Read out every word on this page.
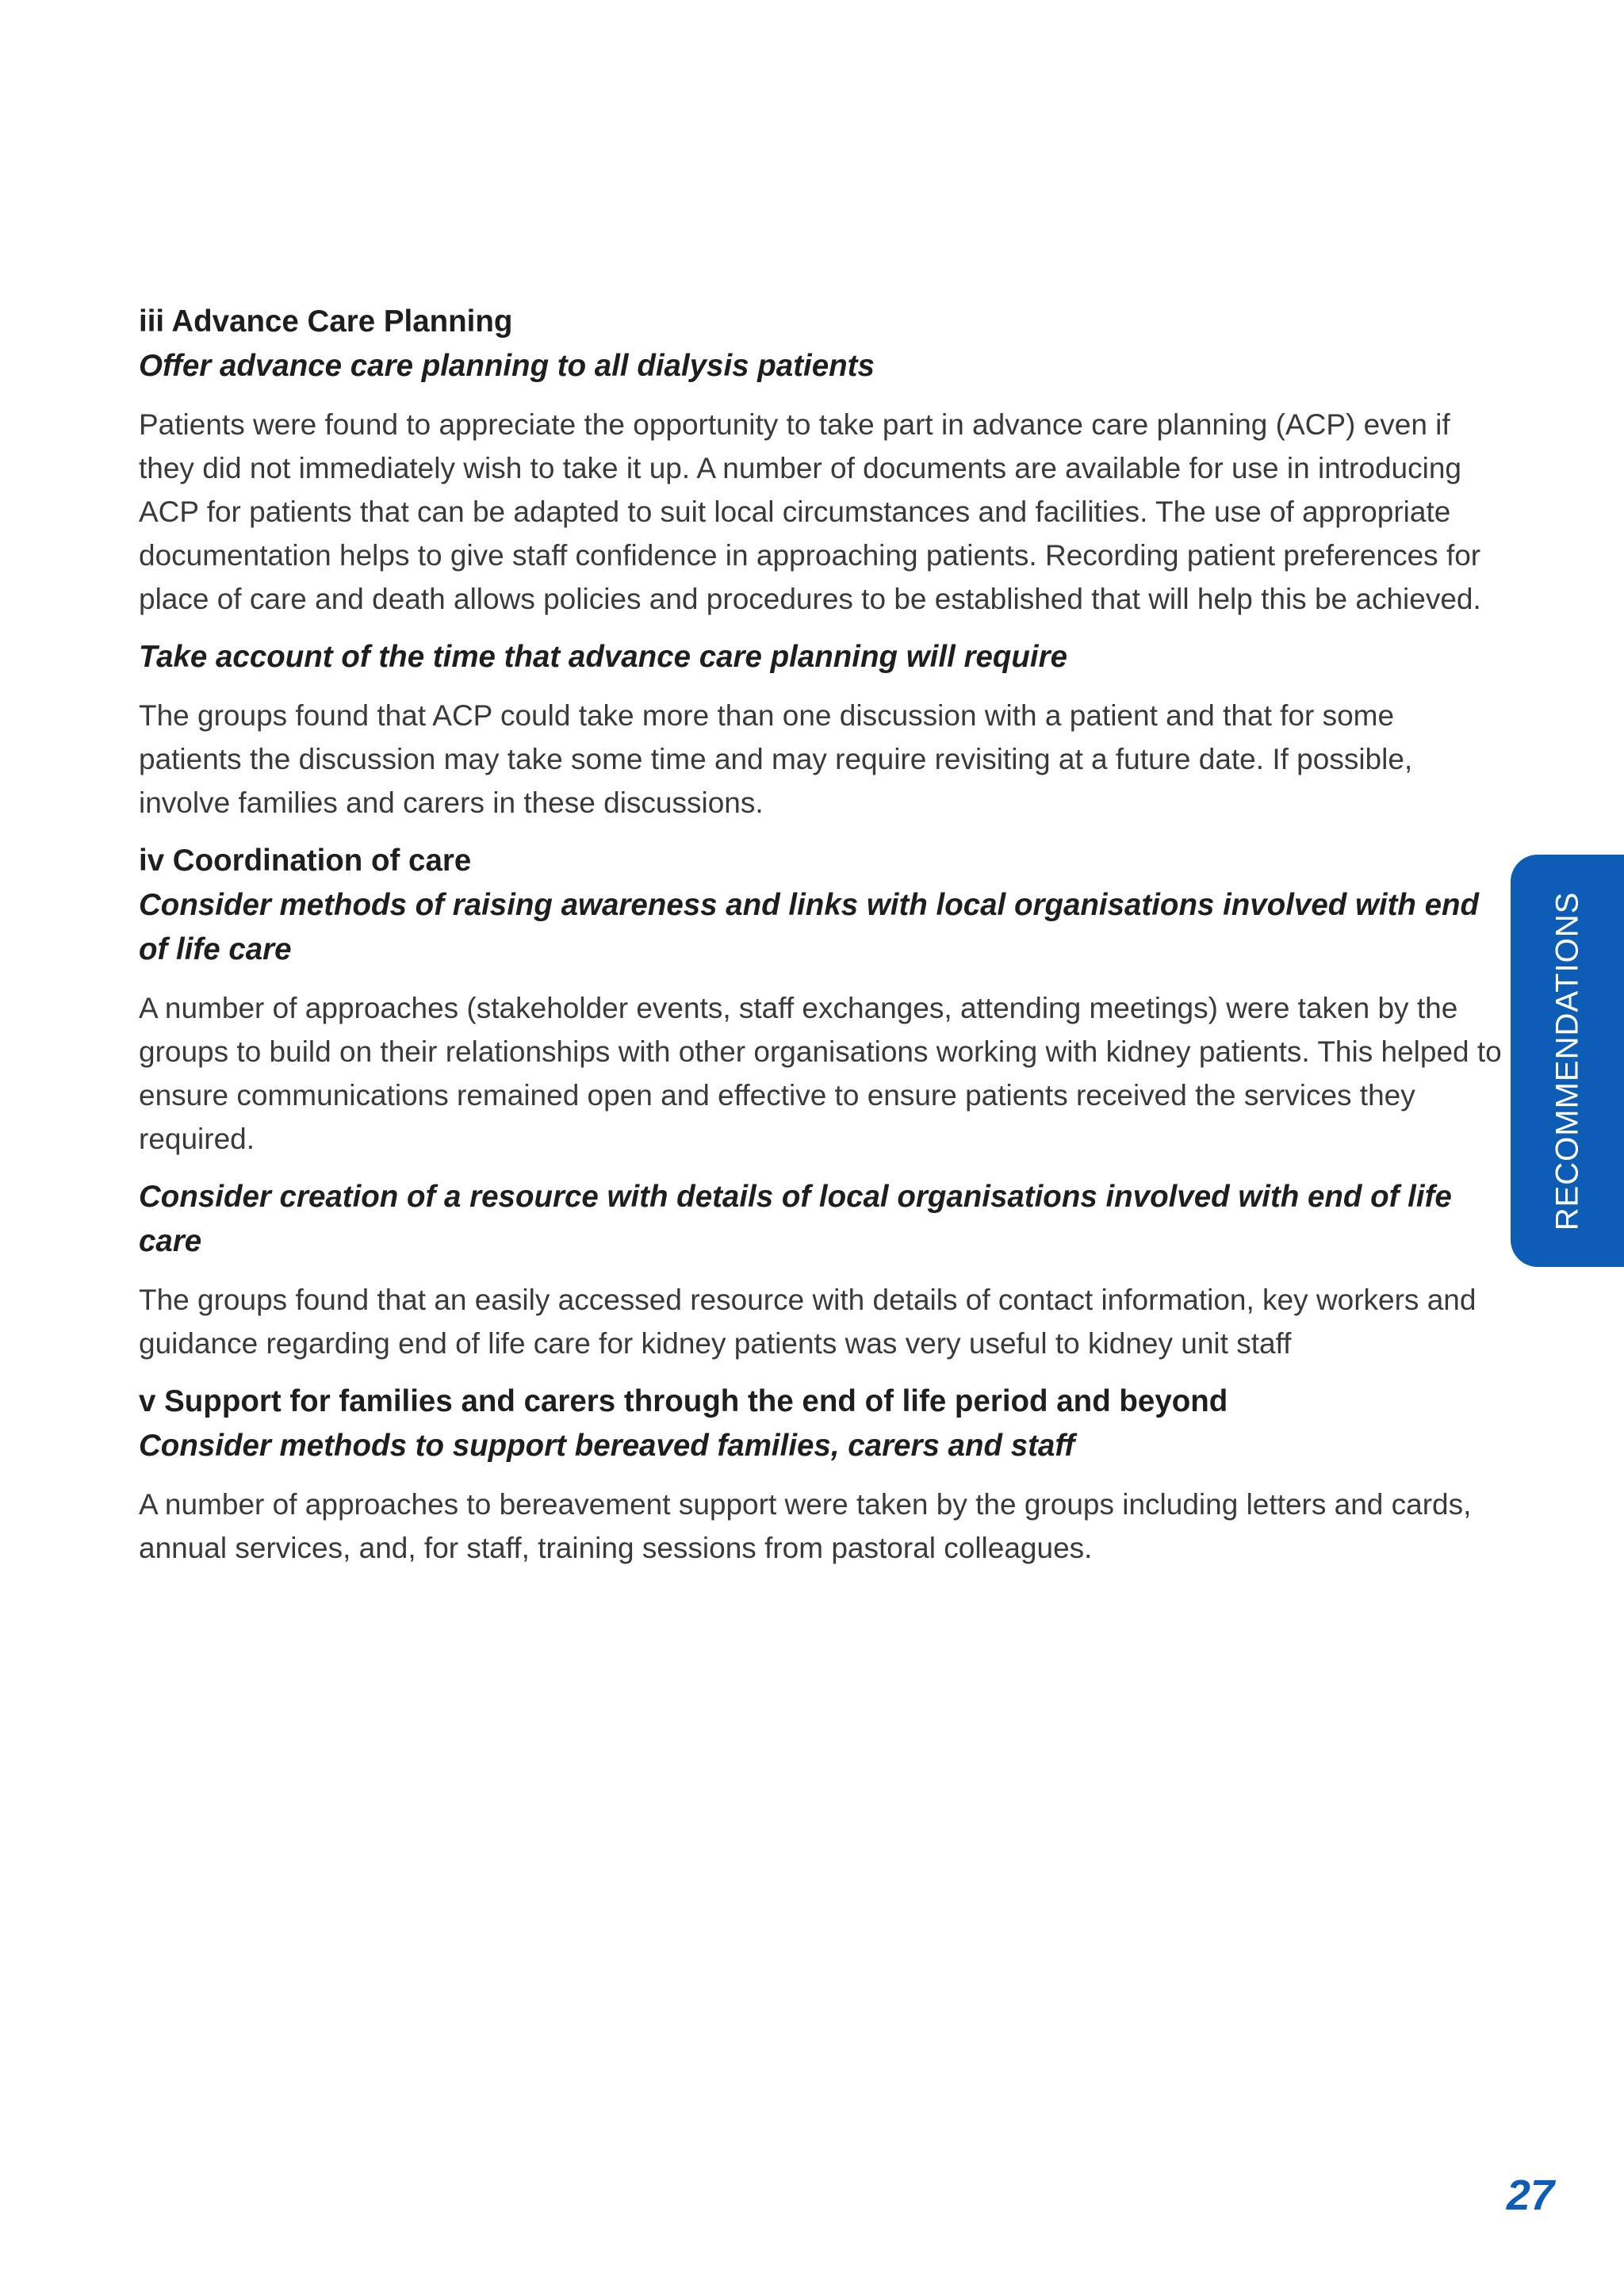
iii Advance Care Planning
Offer advance care planning to all dialysis patients

Patients were found to appreciate the opportunity to take part in advance care planning (ACP) even if they did not immediately wish to take it up. A number of documents are available for use in introducing ACP for patients that can be adapted to suit local circumstances and facilities. The use of appropriate documentation helps to give staff confidence in approaching patients. Recording patient preferences for place of care and death allows policies and procedures to be established that will help this be achieved.

Take account of the time that advance care planning will require

The groups found that ACP could take more than one discussion with a patient and that for some patients the discussion may take some time and may require revisiting at a future date. If possible, involve families and carers in these discussions.

iv Coordination of care
Consider methods of raising awareness and links with local organisations involved with end of life care

A number of approaches (stakeholder events, staff exchanges, attending meetings) were taken by the groups to build on their relationships with other organisations working with kidney patients. This helped to ensure communications remained open and effective to ensure patients received the services they required.

Consider creation of a resource with details of local organisations involved with end of life care

The groups found that an easily accessed resource with details of contact information, key workers and guidance regarding end of life care for kidney patients was very useful to kidney unit staff

v Support for families and carers through the end of life period and beyond
Consider methods to support bereaved families, carers and staff

A number of approaches to bereavement support were taken by the groups including letters and cards, annual services, and, for staff, training sessions from pastoral colleagues.

RECOMMENDATIONS
27
